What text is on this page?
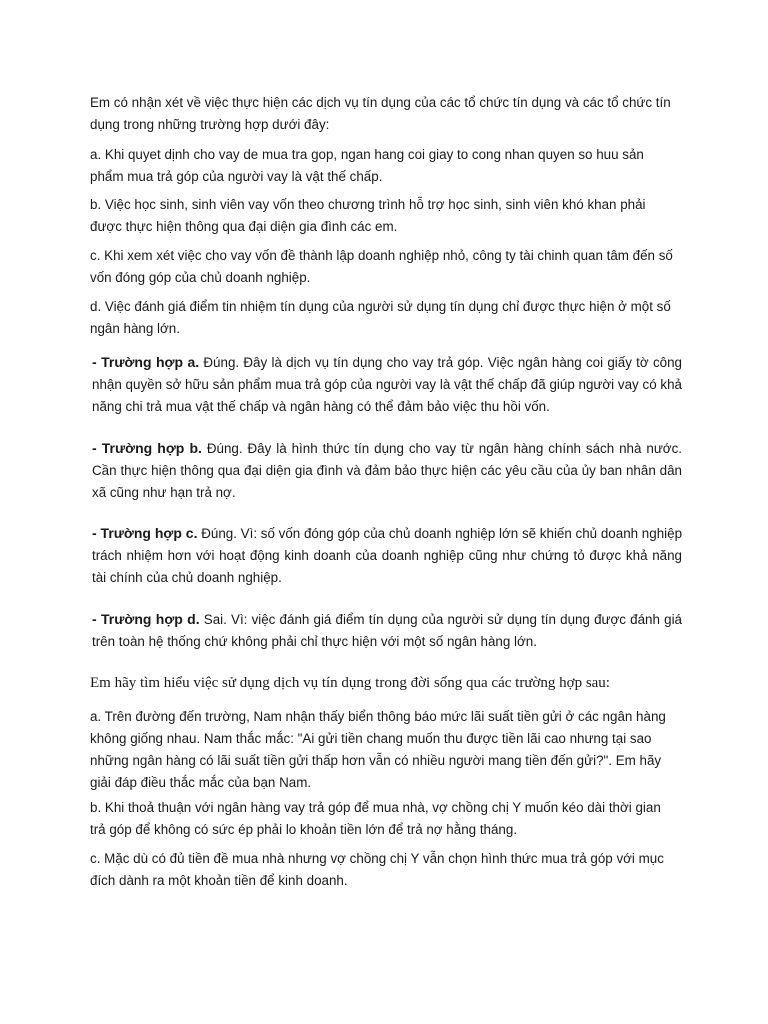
Em có nhận xét về việc thực hiện các dịch vụ tín dụng của các tổ chức tín dụng và các tổ chức tín dụng trong những trường hợp dưới đây:

a. Khi quyet dịnh cho vay de mua tra gop, ngan hang coi giay to cong nhan quyen so huu sản phẩm mua trả góp của người vay là vật thế chấp.

b. Việc học sinh, sinh viên vay vốn theo chương trình hỗ trợ học sinh, sinh viên khó khan phải được thực hiện thông qua đại diện gia đình các em.

c. Khi xem xét việc cho vay vốn đề thành lập doanh nghiệp nhỏ, công ty tài chinh quan tâm đến số vốn đóng góp của chủ doanh nghiệp.

d. Việc đánh giá điểm tin nhiệm tín dụng của người sử dụng tín dụng chỉ được thực hiện ở một số ngân hàng lớn.

- Trường hợp a. Đúng. Đây là dịch vụ tín dụng cho vay trả góp. Việc ngân hàng coi giấy tờ công nhận quyền sở hữu sản phẩm mua trả góp của người vay là vật thế chấp đã giúp người vay có khả năng chi trả mua vật thế chấp và ngân hàng có thể đảm bảo việc thu hồi vốn.

- Trường hợp b. Đúng. Đây là hình thức tín dụng cho vay từ ngân hàng chính sách nhà nước. Cần thực hiện thông qua đại diện gia đình và đảm bảo thực hiện các yêu cầu của ủy ban nhân dân xã cũng như hạn trả nợ.

- Trường hợp c. Đúng. Vì: số vốn đóng góp của chủ doanh nghiệp lớn sẽ khiến chủ doanh nghiệp trách nhiệm hơn với hoạt động kinh doanh của doanh nghiệp cũng như chứng tỏ được khả năng tài chính của chủ doanh nghiệp.

- Trường hợp d. Sai. Vì: việc đánh giá điểm tín dụng của người sử dụng tín dụng được đánh giá trên toàn hệ thống chứ không phải chỉ thực hiện với một số ngân hàng lớn.

Em hãy tìm hiểu việc sử dụng dịch vụ tín dụng trong đời sống qua các trường hợp sau:

a. Trên đường đến trường, Nam nhận thấy biển thông báo mức lãi suất tiền gửi ở các ngân hàng không giống nhau. Nam thắc mắc: "Ai gửi tiền chang muốn thu được tiền lãi cao nhưng tại sao những ngân hàng có lãi suất tiền gửi thấp hơn vẫn có nhiều người mang tiền đến gửi?". Em hãy giải đáp điều thắc mắc của bạn Nam.

b. Khi thoả thuận với ngân hàng vay trả góp để mua nhà, vợ chồng chị Y muốn kéo dài thời gian trả góp để không có sức ép phải lo khoản tiền lớn để trả nợ hằng tháng.

c. Mặc dù có đủ tiền đề mua nhà nhưng vợ chồng chị Y vẫn chọn hình thức mua trả góp với mục đích dành ra một khoản tiền để kinh doanh.
